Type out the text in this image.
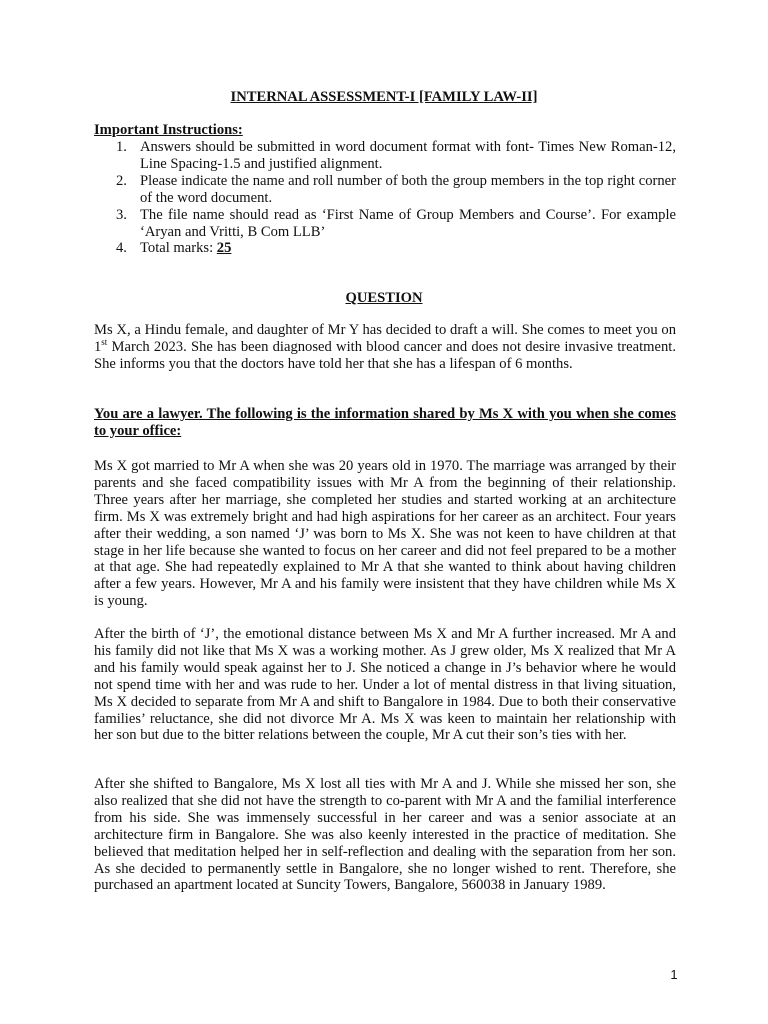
INTERNAL ASSESSMENT-I [FAMILY LAW-II]
Important Instructions:
1. Answers should be submitted in word document format with font- Times New Roman-12, Line Spacing-1.5 and justified alignment.
2. Please indicate the name and roll number of both the group members in the top right corner of the word document.
3. The file name should read as ‘First Name of Group Members and Course’. For example ‘Aryan and Vritti, B Com LLB’
4. Total marks: 25
QUESTION

Ms X, a Hindu female, and daughter of Mr Y has decided to draft a will. She comes to meet you on 1st March 2023. She has been diagnosed with blood cancer and does not desire invasive treatment. She informs you that the doctors have told her that she has a lifespan of 6 months.

You are a lawyer. The following is the information shared by Ms X with you when she comes to your office:

Ms X got married to Mr A when she was 20 years old in 1970. The marriage was arranged by their parents and she faced compatibility issues with Mr A from the beginning of their relationship. Three years after her marriage, she completed her studies and started working at an architecture firm. Ms X was extremely bright and had high aspirations for her career as an architect. Four years after their wedding, a son named ‘J’ was born to Ms X. She was not keen to have children at that stage in her life because she wanted to focus on her career and did not feel prepared to be a mother at that age. She had repeatedly explained to Mr A that she wanted to think about having children after a few years. However, Mr A and his family were insistent that they have children while Ms X is young.

After the birth of ‘J’, the emotional distance between Ms X and Mr A further increased. Mr A and his family did not like that Ms X was a working mother. As J grew older, Ms X realized that Mr A and his family would speak against her to J. She noticed a change in J’s behavior where he would not spend time with her and was rude to her. Under a lot of mental distress in that living situation, Ms X decided to separate from Mr A and shift to Bangalore in 1984. Due to both their conservative families’ reluctance, she did not divorce Mr A. Ms X was keen to maintain her relationship with her son but due to the bitter relations between the couple, Mr A cut their son’s ties with her.

After she shifted to Bangalore, Ms X lost all ties with Mr A and J. While she missed her son, she also realized that she did not have the strength to co-parent with Mr A and the familial interference from his side. She was immensely successful in her career and was a senior associate at an architecture firm in Bangalore. She was also keenly interested in the practice of meditation. She believed that meditation helped her in self-reflection and dealing with the separation from her son. As she decided to permanently settle in Bangalore, she no longer wished to rent. Therefore, she purchased an apartment located at Suncity Towers, Bangalore, 560038 in January 1989.

1
